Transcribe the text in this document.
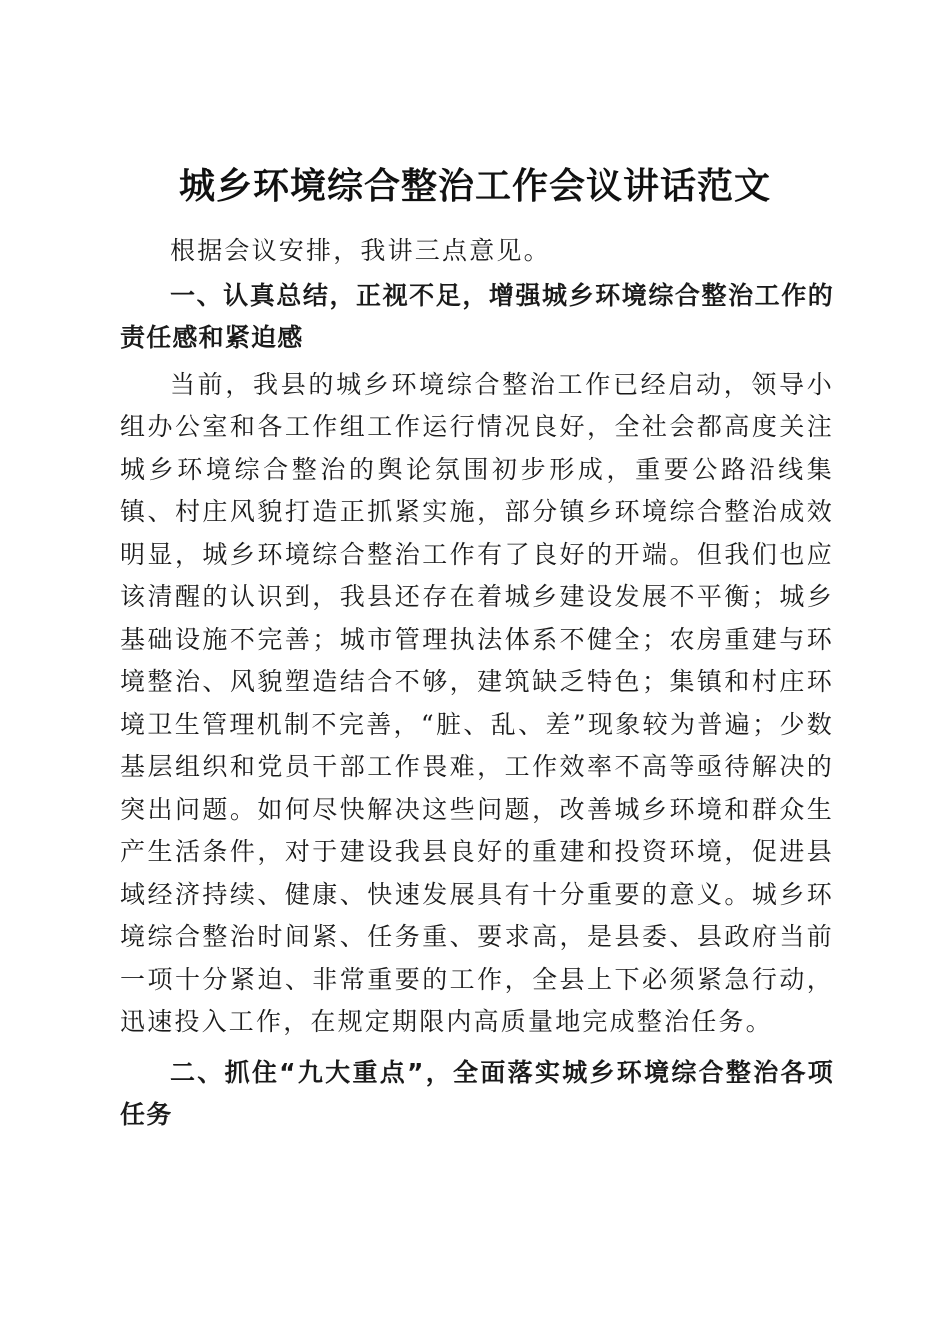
城乡环境综合整治工作会议讲话范文

根据会议安排，我讲三点意见。

一、认真总结，正视不足，增强城乡环境综合整治工作的责任感和紧迫感

当前，我县的城乡环境综合整治工作已经启动，领导小组办公室和各工作组工作运行情况良好，全社会都高度关注城乡环境综合整治的舆论氛围初步形成，重要公路沿线集镇、村庄风貌打造正抓紧实施，部分镇乡环境综合整治成效明显，城乡环境综合整治工作有了良好的开端。但我们也应该清醒的认识到，我县还存在着城乡建设发展不平衡；城乡基础设施不完善；城市管理执法体系不健全；农房重建与环境整治、风貌塑造结合不够，建筑缺乏特色；集镇和村庄环境卫生管理机制不完善，“脏、乱、差”现象较为普遍；少数基层组织和党员干部工作畏难，工作效率不高等亟待解决的突出问题。如何尽快解决这些问题，改善城乡环境和群众生产生活条件，对于建设我县良好的重建和投资环境，促进县域经济持续、健康、快速发展具有十分重要的意义。城乡环境综合整治时间紧、任务重、要求高，是县委、县政府当前一项十分紧迫、非常重要的工作，全县上下必须紧急行动，迅速投入工作，在规定期限内高质量地完成整治任务。

二、抓住“九大重点”，全面落实城乡环境综合整治各项任务
